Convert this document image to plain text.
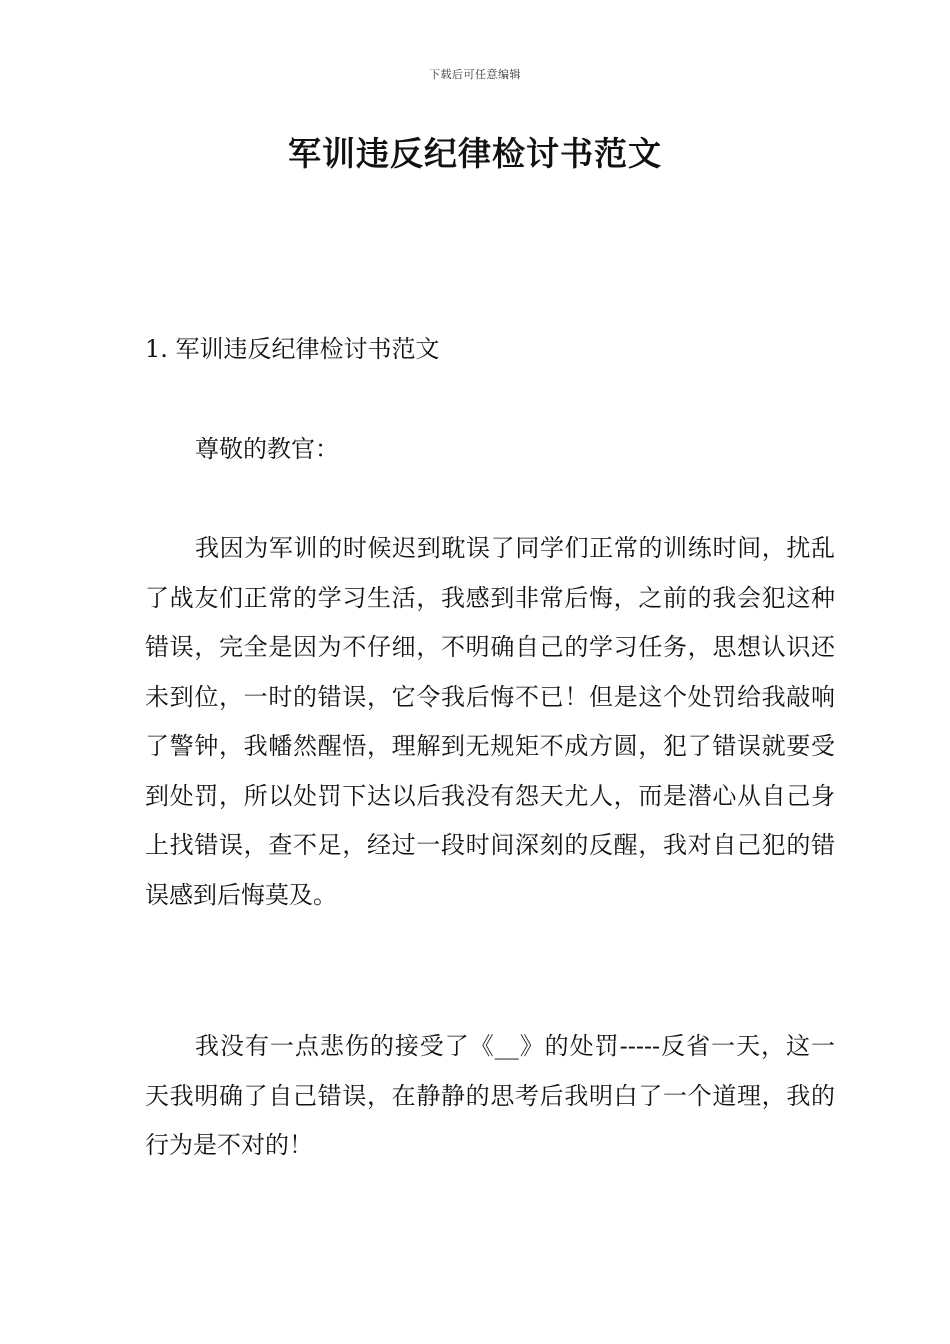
下载后可任意编辑
军训违反纪律检讨书范文
1. 军训违反纪律检讨书范文
尊敬的教官：
我因为军训的时候迟到耽误了同学们正常的训练时间，扰乱了战友们正常的学习生活，我感到非常后悔，之前的我会犯这种错误，完全是因为不仔细，不明确自己的学习任务，思想认识还未到位，一时的错误，它令我后悔不已！但是这个处罚给我敲响了警钟，我幡然醒悟，理解到无规矩不成方圆，犯了错误就要受到处罚，所以处罚下达以后我没有怨天尤人，而是潜心从自己身上找错误，查不足，经过一段时间深刻的反醒，我对自己犯的错误感到后悔莫及。
我没有一点悲伤的接受了《__》的处罚-----反省一天，这一天我明确了自己错误，在静静的思考后我明白了一个道理，我的行为是不对的！
